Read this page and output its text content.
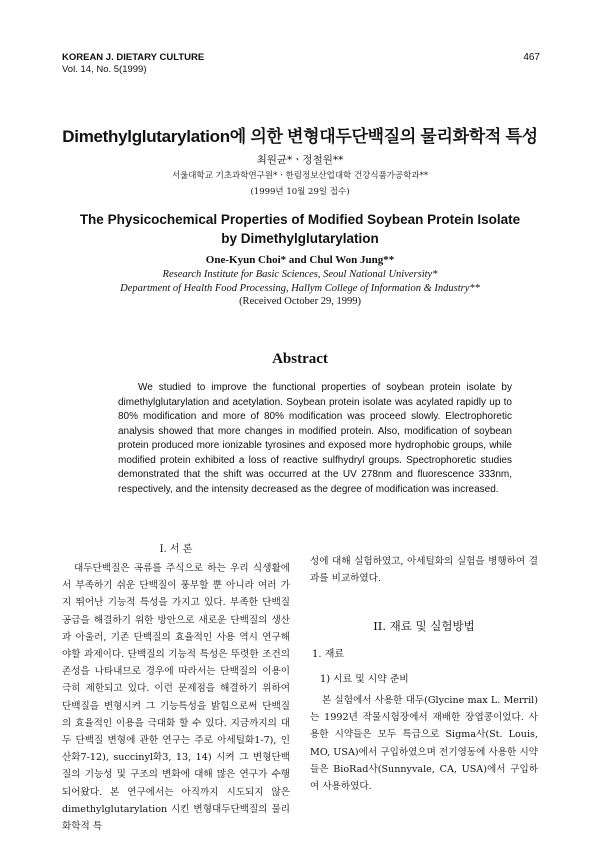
KOREAN J. DIETARY CULTURE
Vol. 14, No. 5(1999)
467
Dimethylglutarylation에 의한 변형대두단백질의 물리화학적 특성
최원균*ㆍ정철원**
서울대학교 기초과학연구원*ㆍ한림정보산업대학 건강식품가공학과**
(1999년 10월 29일 접수)
The Physicochemical Properties of Modified Soybean Protein Isolate
by Dimethylglutarylation
One-Kyun Choi* and Chul Won Jung**
Research Institute for Basic Sciences, Seoul National University*
Department of Health Food Processing, Hallym College of Information & Industry**
(Received October 29, 1999)
Abstract

We studied to improve the functional properties of soybean protein isolate by dimethylglutarylation and acetylation. Soybean protein isolate was acylated rapidly up to 80% modification and more of 80% modification was proceed slowly. Electrophoretic analysis showed that more changes in modified protein. Also, modification of soybean protein produced more ionizable tyrosines and exposed more hydrophobic groups, while modified protein exhibited a loss of reactive sulfhydryl groups. Spectrophoretic studies demonstrated that the shift was occurred at the UV 278nm and fluorescence 333nm, respectively, and the intensity decreased as the degree of modification was increased.

I. 서 론

대두단백질은 곡류를 주식으로 하는 우리 식생활에서 부족하기 쉬운 단백질이 풍부할 뿐 아니라 여러 가지 뛰어난 기능적 특성을 가지고 있다. 부족한 단백질 공급을 해결하기 위한 방안으로 새로운 단백질의 생산과 아울러, 기존 단백질의 효율적인 사용 역시 연구해야할 과제이다. 단백질의 기능적 특성은 뚜렷한 조건의존성을 나타내므로 경우에 따라서는 단백질의 이용이 극히 제한되고 있다. 이런 문제점을 해결하기 위하여 단백질을 변형시켜 그 기능특성을 밝힘으로써 단백질의 효율적인 이용을 극대화 할 수 있다. 지금까지의 대두 단백질 변형에 관한 연구는 주로 아세틸화1-7), 인산화7-12), succinyl화3, 13, 14) 시켜 그 변형단백질의 기능성 및 구조의 변화에 대해 많은 연구가 수행되어왔다. 본 연구에서는 아직까지 시도되지 않은 dimethylglutarylation 시킨 변형대두단백질의 물리화학적 특

성에 대해 실험하였고, 아세틸화의 실험을 병행하여 결과를 비교하였다.

II. 재료 및 실험방법
1. 재료
1) 시료 및 시약 준비

본 실험에서 사용한 대두(Glycine max L. Merril)는 1992년 작물시험장에서 재배한 장엽콩이었다. 사용한 시약들은 모두 특급으로 Sigma사(St. Louis, MO, USA)에서 구입하였으며 전기영동에 사용한 시약들은 BioRad사(Sunnyvale, CA, USA)에서 구입하여 사용하였다.
